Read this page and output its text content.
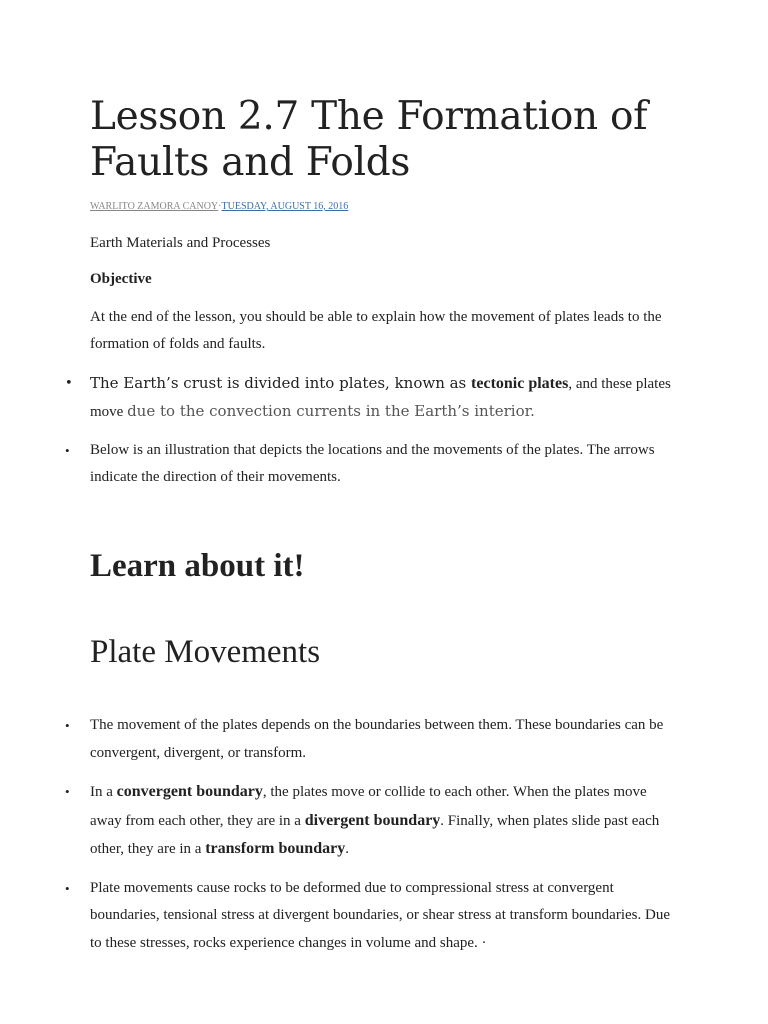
Lesson 2.7 The Formation of
Faults and Folds
WARLITO ZAMORA CANOY·TUESDAY, AUGUST 16, 2016

Earth Materials and Processes

Objective

At the end of the lesson, you should be able to explain how the movement of plates leads to the formation of folds and faults.

• The Earth’s crust is divided into plates, known as tectonic plates, and these plates move due to the convection currents in the Earth’s interior.
• Below is an illustration that depicts the locations and the movements of the plates. The arrows indicate the direction of their movements.
Learn about it!
Plate Movements
• The movement of the plates depends on the boundaries between them. These boundaries can be convergent, divergent, or transform.
• In a convergent boundary, the plates move or collide to each other. When the plates move away from each other, they are in a divergent boundary. Finally, when plates slide past each other, they are in a transform boundary.
• Plate movements cause rocks to be deformed due to compressional stress at convergent boundaries, tensional stress at divergent boundaries, or shear stress at transform boundaries. Due to these stresses, rocks experience changes in volume and shape. ·
